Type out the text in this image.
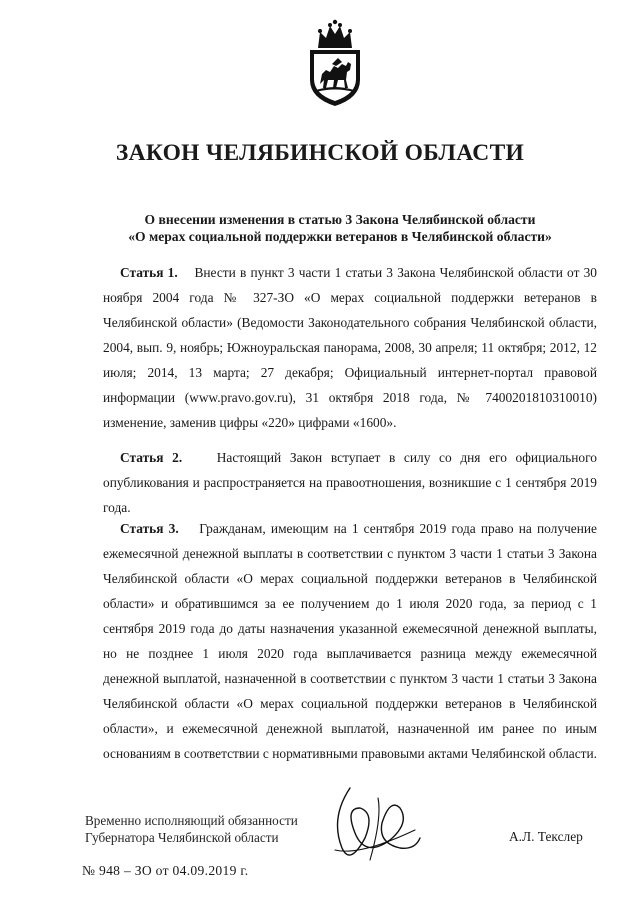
ЗАКОН ЧЕЛЯБИНСКОЙ ОБЛАСТИ
О внесении изменения в статью 3 Закона Челябинской области
«О мерах социальной поддержки ветеранов в Челябинской области»

Статья 1. Внести в пункт 3 части 1 статьи 3 Закона Челябинской области от 30 ноября 2004 года № 327-ЗО «О мерах социальной поддержки ветеранов в Челябинской области» (Ведомости Законодательного собрания Челябинской области, 2004, вып. 9, ноябрь; Южноуральская панорама, 2008, 30 апреля; 11 октября; 2012, 12 июля; 2014, 13 марта; 27 декабря; Официальный интернет-портал правовой информации (www.pravo.gov.ru), 31 октября 2018 года, № 7400201810310010) изменение, заменив цифры «220» цифрами «1600».

Статья 2.	Настоящий Закон вступает в силу со дня его официального опубликования и распространяется на правоотношения, возникшие с 1 сентября 2019 года.

Статья 3. Гражданам, имеющим на 1 сентября 2019 года право на получение ежемесячной денежной выплаты в соответствии с пунктом 3 части 1 статьи 3 Закона Челябинской области «О мерах социальной поддержки ветеранов в Челябинской области» и обратившимся за ее получением до 1 июля 2020 года, за период с 1 сентября 2019 года до даты назначения указанной ежемесячной денежной выплаты, но не позднее 1 июля 2020 года выплачивается разница между ежемесячной денежной выплатой, назначенной в соответствии с пунктом 3 части 1 статьи 3 Закона Челябинской области «О мерах социальной поддержки ветеранов в Челябинской области», и ежемесячной денежной выплатой, назначенной им ранее по иным основаниям в соответствии с нормативными правовыми актами Челябинской области.

Временно исполняющий обязанности
Губернатора Челябинской области	А.Л. Текслер
№ 948 – ЗО от 04.09.2019 г.
